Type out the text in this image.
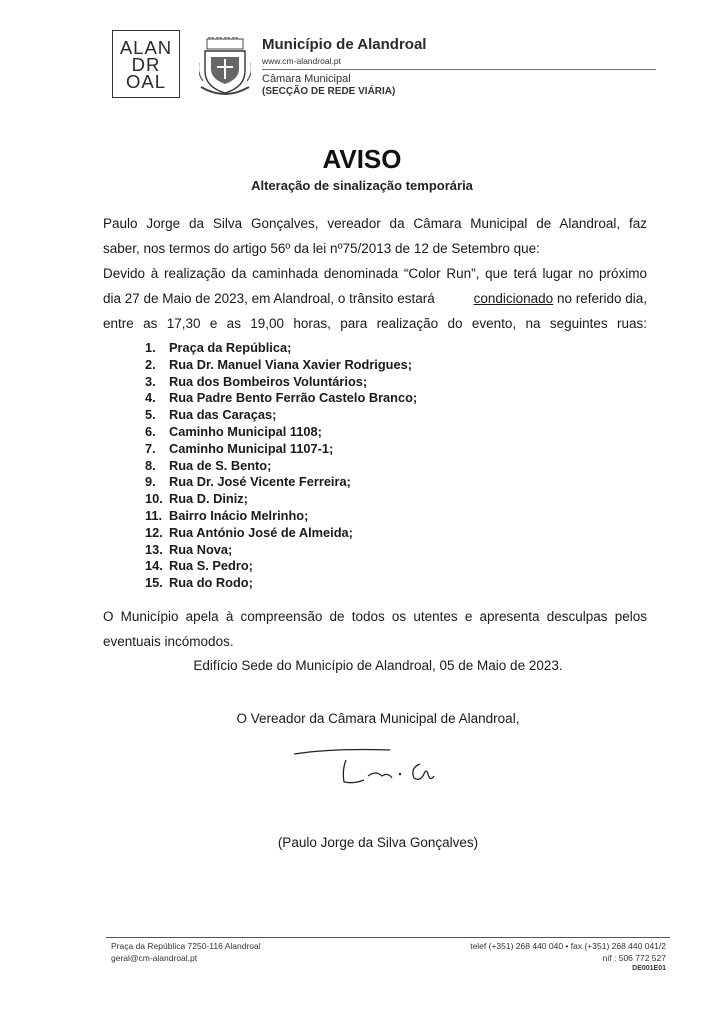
ALAN
DR
OAL
Município de Alandroal
www.cm-alandroal.pt
Câmara Municipal
(SECÇÃO DE REDE VIÁRIA)
AVISO
Alteração de sinalização temporária
Paulo Jorge da Silva Gonçalves, vereador da Câmara Municipal de Alandroal, faz
saber, nos termos do artigo 56º da lei nº75/2013 de 12 de Setembro que:
Devido à realização da caminhada denominada “Color Run”, que terá lugar no próximo
dia 27 de Maio de 2023, em Alandroal, o trânsito estará	condicionado no referido dia,
entre as 17,30 e as 19,00 horas, para realização do evento, na seguintes ruas:
1.	Praça da República;
2.	Rua Dr. Manuel Viana Xavier Rodrigues;
3.	Rua dos Bombeiros Voluntários;
4.	Rua Padre Bento Ferrão Castelo Branco;
5.	Rua das Caraças;
6.	Caminho Municipal 1108;
7.	Caminho Municipal 1107-1;
8.	Rua de S. Bento;
9.	Rua Dr. José Vicente Ferreira;
10. Rua D. Diniz;
11. Bairro Inácio Melrinho;
12. Rua António José de Almeida;
13. Rua Nova;
14. Rua S. Pedro;
15. Rua do Rodo;
O Município apela à compreensão de todos os utentes e apresenta desculpas pelos
eventuais incómodos.
Edifício Sede do Município de Alandroal, 05 de Maio de 2023.
O Vereador da Câmara Municipal de Alandroal,
(Paulo Jorge da Silva Gonçalves)
Praça da República 7250-116 Alandroal
geral@cm-alandroal.pt
telef (+351) 268 440 040 • fax (+351) 268 440 041/2
nif : 506 772 527
DE001E01
